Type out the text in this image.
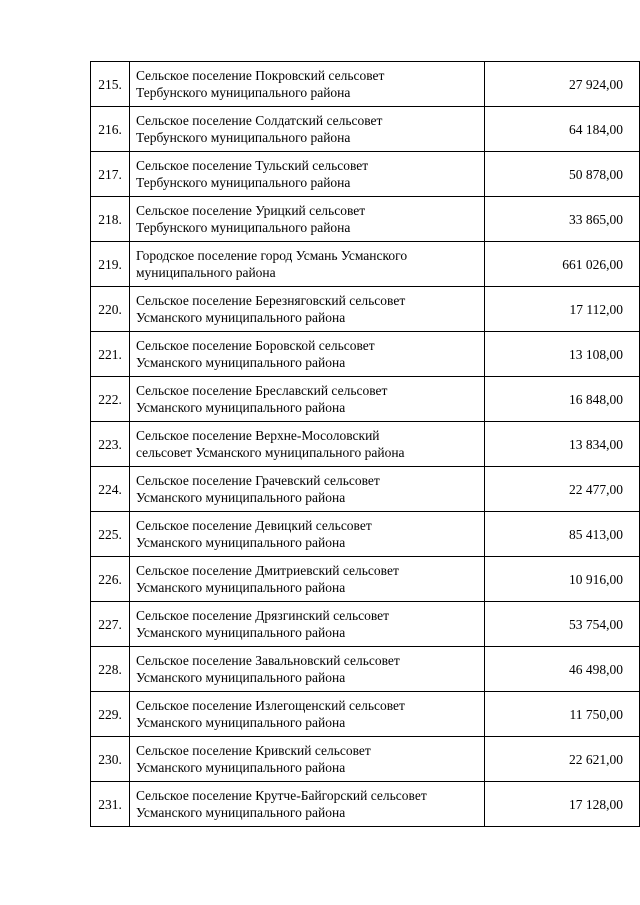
215.	Сельское поселение Покровский сельсовет
Тербунского муниципального района	27 924,00
216.	Сельское поселение Солдатский сельсовет
Тербунского муниципального района	64 184,00
217.	Сельское поселение Тульский сельсовет
Тербунского муниципального района	50 878,00
218.	Сельское поселение Урицкий сельсовет
Тербунского муниципального района	33 865,00
219.	Городское поселение город Усмань Усманского
муниципального района	661 026,00
220.	Сельское поселение Березняговский сельсовет
Усманского муниципального района	17 112,00
221.	Сельское поселение Боровской сельсовет
Усманского муниципального района	13 108,00
222.	Сельское поселение Бреславский сельсовет
Усманского муниципального района	16 848,00
223.	Сельское поселение Верхне-Мосоловский
сельсовет Усманского муниципального района	13 834,00
224.	Сельское поселение Грачевский сельсовет
Усманского муниципального района	22 477,00
225.	Сельское поселение Девицкий сельсовет
Усманского муниципального района	85 413,00
226.	Сельское поселение Дмитриевский сельсовет
Усманского муниципального района	10 916,00
227.	Сельское поселение Дрязгинский сельсовет
Усманского муниципального района	53 754,00
228.	Сельское поселение Завальновский сельсовет
Усманского муниципального района	46 498,00
229.	Сельское поселение Излегощенский сельсовет
Усманского муниципального района	11 750,00
230.	Сельское поселение Кривский сельсовет
Усманского муниципального района	22 621,00
231.	Сельское поселение Крутче-Байгорский сельсовет
Усманского муниципального района	17 128,00
